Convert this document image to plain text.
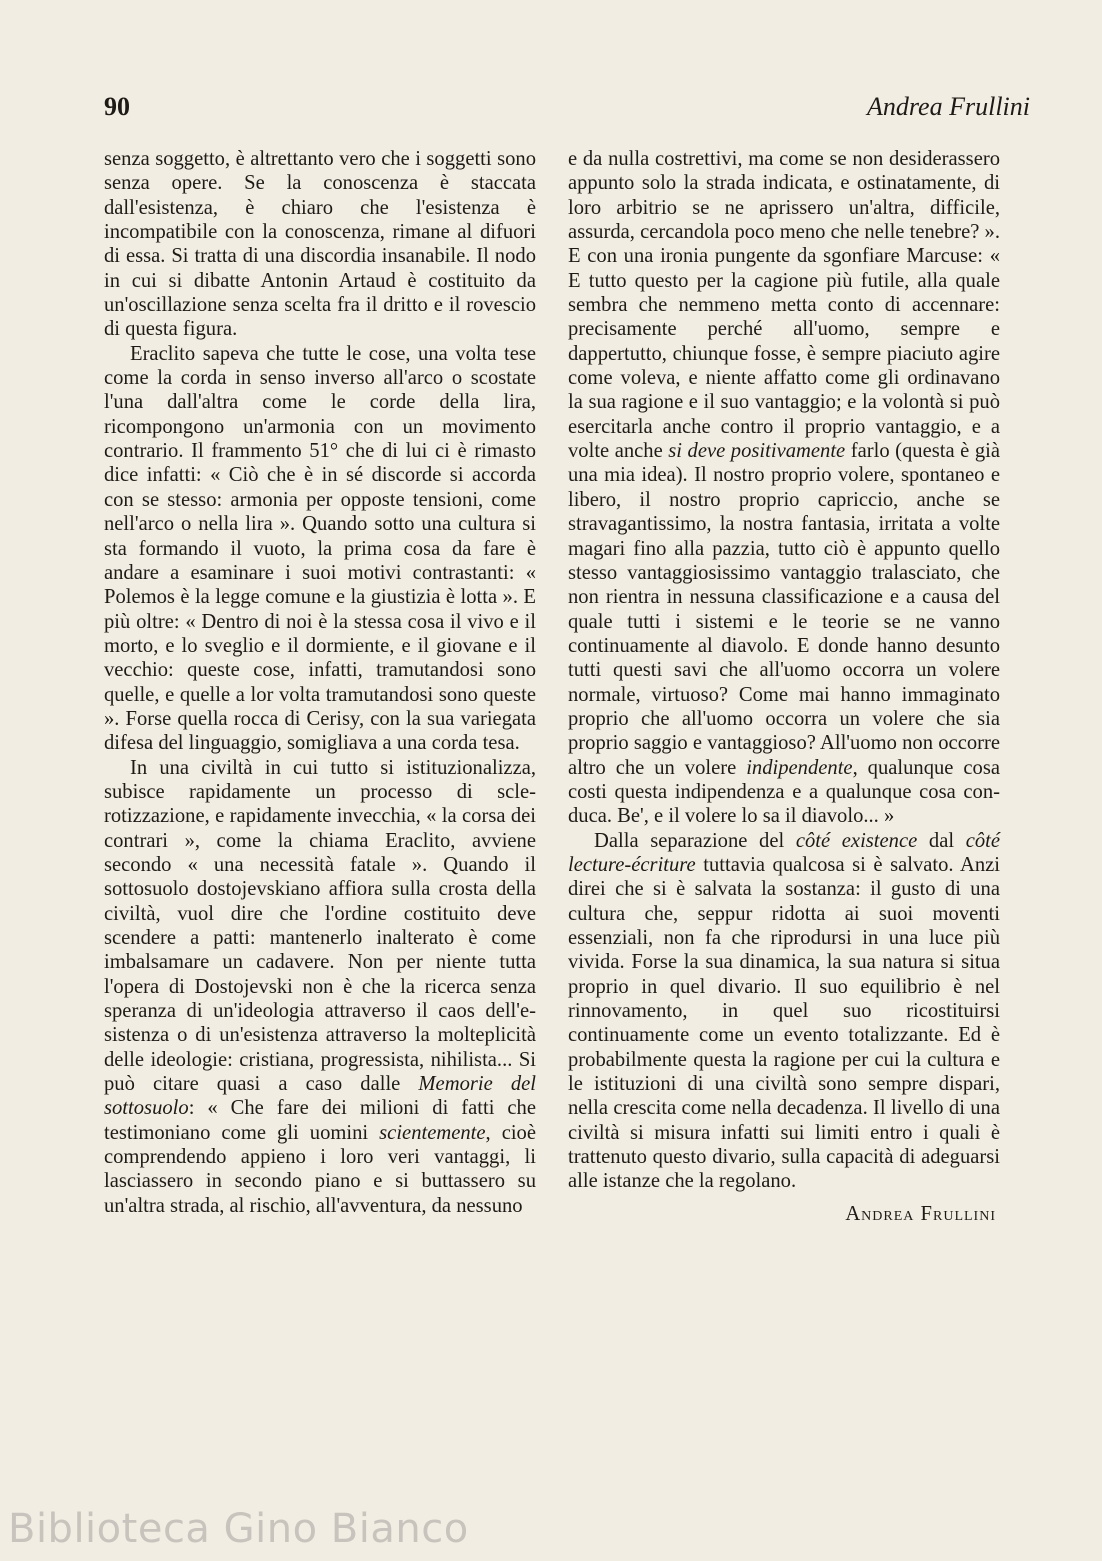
90	Andrea Frullini

senza soggetto, è altrettanto vero che i soggetti sono senza opere. Se la conoscenza è staccata dall'esistenza, è chiaro che l'esistenza è incompatibile con la conoscenza, rimane al difuori di essa. Si tratta di una discordia insanabile. Il nodo in cui si dibatte Antonin Artaud è costituito da un'oscillazione senza scelta fra il dritto e il rovescio di questa figura.

Eraclito sapeva che tutte le cose, una volta tese come la corda in senso inverso all'arco o scostate l'una dall'altra come le corde della lira, ricompongono un'armonia con un movimento contrario. Il frammento 51° che di lui ci è rimasto dice infatti: « Ciò che è in sé discorde si accorda con se stesso: armonia per opposte tensioni, come nell'arco o nella lira ». Quando sotto una cultura si sta formando il vuoto, la prima cosa da fare è andare a esaminare i suoi motivi contrastanti: « Polemos è la legge comune e la giustizia è lotta ». E più oltre: « Dentro di noi è la stessa cosa il vivo e il morto, e lo sveglio e il dormiente, e il giovane e il vecchio: queste cose, infatti, tramutandosi sono quelle, e quelle a lor volta tramutandosi sono queste ». Forse quella rocca di Cerisy, con la sua variegata difesa del linguaggio, somigliava a una corda tesa.

In una civiltà in cui tutto si istituzionalizza, subisce rapidamente un processo di sclerotizzazione, e rapidamente invecchia, « la corsa dei contrari », come la chiama Eraclito, avviene secondo « una necessità fatale ». Quando il sottosuolo dostojevskiano affiora sulla crosta della civiltà, vuol dire che l'ordine costituito deve scendere a patti: mantenerlo inalterato è come imbalsamare un cadavere. Non per niente tutta l'opera di Dostojevski non è che la ricerca senza speranza di un'ideologia attraverso il caos dell'esistenza o di un'esistenza attraverso la molteplicità delle ideologie: cristiana, progressista, nihilista... Si può citare quasi a caso dalle Memorie del sottosuolo: « Che fare dei milioni di fatti che testimoniano come gli uomini scientemente, cioè comprendendo appieno i loro veri vantaggi, li lasciassero in secondo piano e si buttassero su un'altra strada, al rischio, all'avventura, da nessuno

e da nulla costrettivi, ma come se non desiderassero appunto solo la strada indicata, e ostinatamente, di loro arbitrio se ne aprissero un'altra, difficile, assurda, cercandola poco meno che nelle tenebre? ». E con una ironia pungente da sgonfiare Marcuse: « E tutto questo per la cagione più futile, alla quale sembra che nemmeno metta conto di accennare: precisamente perché all'uomo, sempre e dappertutto, chiunque fosse, è sempre piaciuto agire come voleva, e niente affatto come gli ordinavano la sua ragione e il suo vantaggio; e la volontà si può esercitarla anche contro il proprio vantaggio, e a volte anche si deve positivamente farlo (questa è già una mia idea). Il nostro proprio volere, spontaneo e libero, il nostro proprio capriccio, anche se stravagantissimo, la nostra fantasia, irritata a volte magari fino alla pazzia, tutto ciò è appunto quello stesso vantaggiosissimo vantaggio tralasciato, che non rientra in nessuna classificazione e a causa del quale tutti i sistemi e le teorie se ne vanno continuamente al diavolo. E donde hanno desunto tutti questi savi che all'uomo occorra un volere normale, virtuoso? Come mai hanno immaginato proprio che all'uomo occorra un volere che sia proprio saggio e vantaggioso? All'uomo non occorre altro che un volere indipendente, qualunque cosa costi questa indipendenza e a qualunque cosa conduca. Be', e il volere lo sa il diavolo... »

Dalla separazione del côté existence dal côté lecture-écriture tuttavia qualcosa si è salvato. Anzi direi che si è salvata la sostanza: il gusto di una cultura che, seppur ridotta ai suoi moventi essenziali, non fa che riprodursi in una luce più vivida. Forse la sua dinamica, la sua natura si situa proprio in quel divario. Il suo equilibrio è nel rinnovamento, in quel suo ricostituirsi continuamente come un evento totalizzante. Ed è probabilmente questa la ragione per cui la cultura e le istituzioni di una civiltà sono sempre dispari, nella crescita come nella decadenza. Il livello di una civiltà si misura infatti sui limiti entro i quali è trattenuto questo divario, sulla capacità di adeguarsi alle istanze che la regolano.

Andrea Frullini
Biblioteca Gino Bianco
